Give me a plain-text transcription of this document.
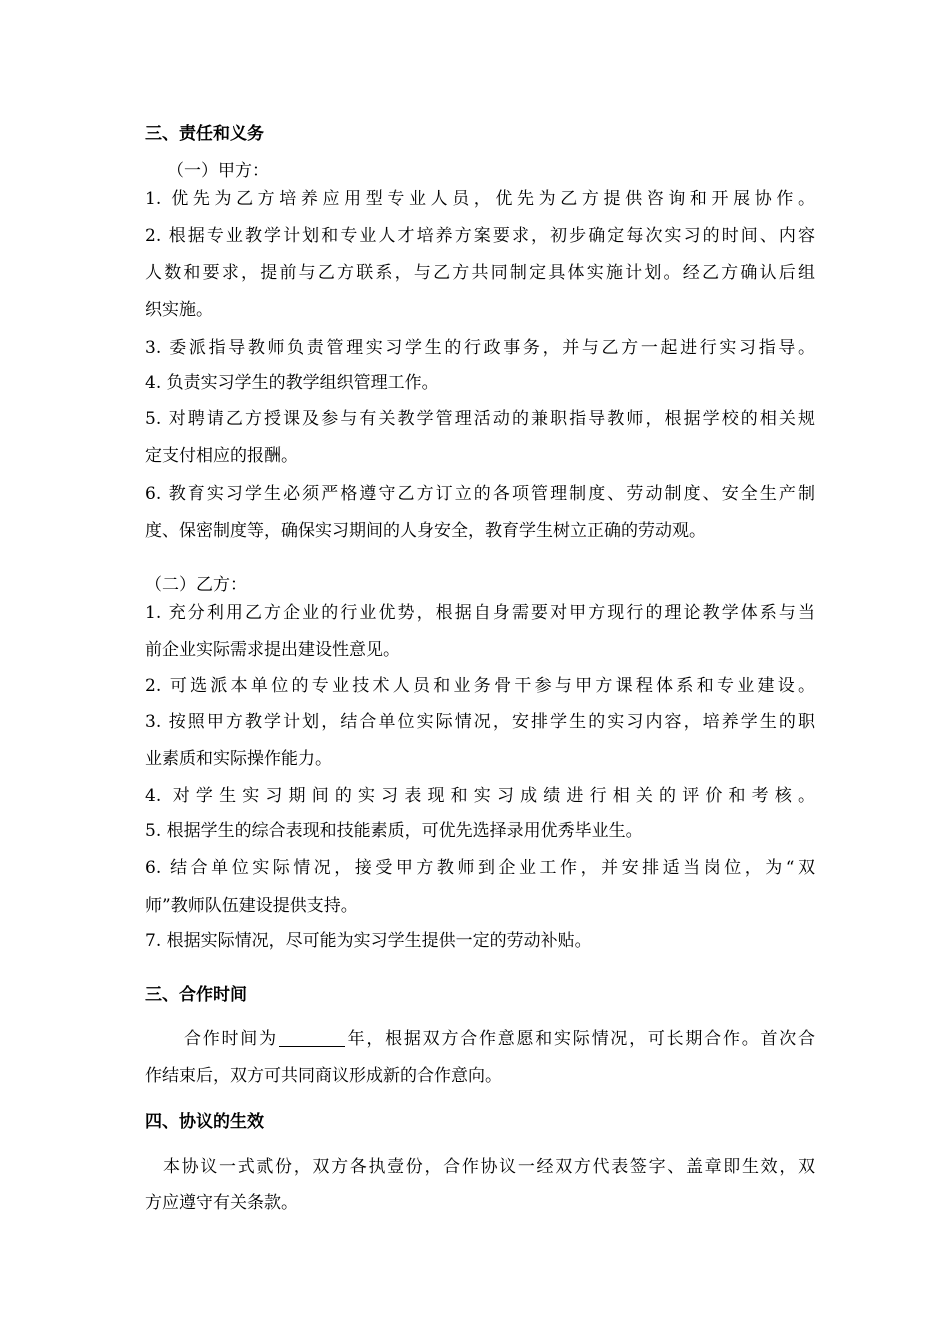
三、责任和义务
（一）甲方：
1. 优先为乙方培养应用型专业人员，优先为乙方提供咨询和开展协作。
2. 根据专业教学计划和专业人才培养方案要求，初步确定每次实习的时间、内容
人数和要求，提前与乙方联系，与乙方共同制定具体实施计划。经乙方确认后组
织实施。
3. 委派指导教师负责管理实习学生的行政事务，并与乙方一起进行实习指导。
4. 负责实习学生的教学组织管理工作。
5. 对聘请乙方授课及参与有关教学管理活动的兼职指导教师，根据学校的相关规
定支付相应的报酬。
6. 教育实习学生必须严格遵守乙方订立的各项管理制度、劳动制度、安全生产制
度、保密制度等，确保实习期间的人身安全，教育学生树立正确的劳动观。
（二）乙方：
1. 充分利用乙方企业的行业优势，根据自身需要对甲方现行的理论教学体系与当
前企业实际需求提出建设性意见。
2. 可选派本单位的专业技术人员和业务骨干参与甲方课程体系和专业建设。
3. 按照甲方教学计划，结合单位实际情况，安排学生的实习内容，培养学生的职
业素质和实际操作能力。
4. 对学生实习期间的实习表现和实习成绩进行相关的评价和考核。
5. 根据学生的综合表现和技能素质，可优先选择录用优秀毕业生。
6. 结合单位实际情况，接受甲方教师到企业工作，并安排适当岗位，为“双
师”教师队伍建设提供支持。
7. 根据实际情况，尽可能为实习学生提供一定的劳动补贴。
三、合作时间
合作时间为	年，根据双方合作意愿和实际情况，可长期合作。首次合
作结束后，双方可共同商议形成新的合作意向。
四、协议的生效
本协议一式贰份，双方各执壹份，合作协议一经双方代表签字、盖章即生效，双
方应遵守有关条款。
